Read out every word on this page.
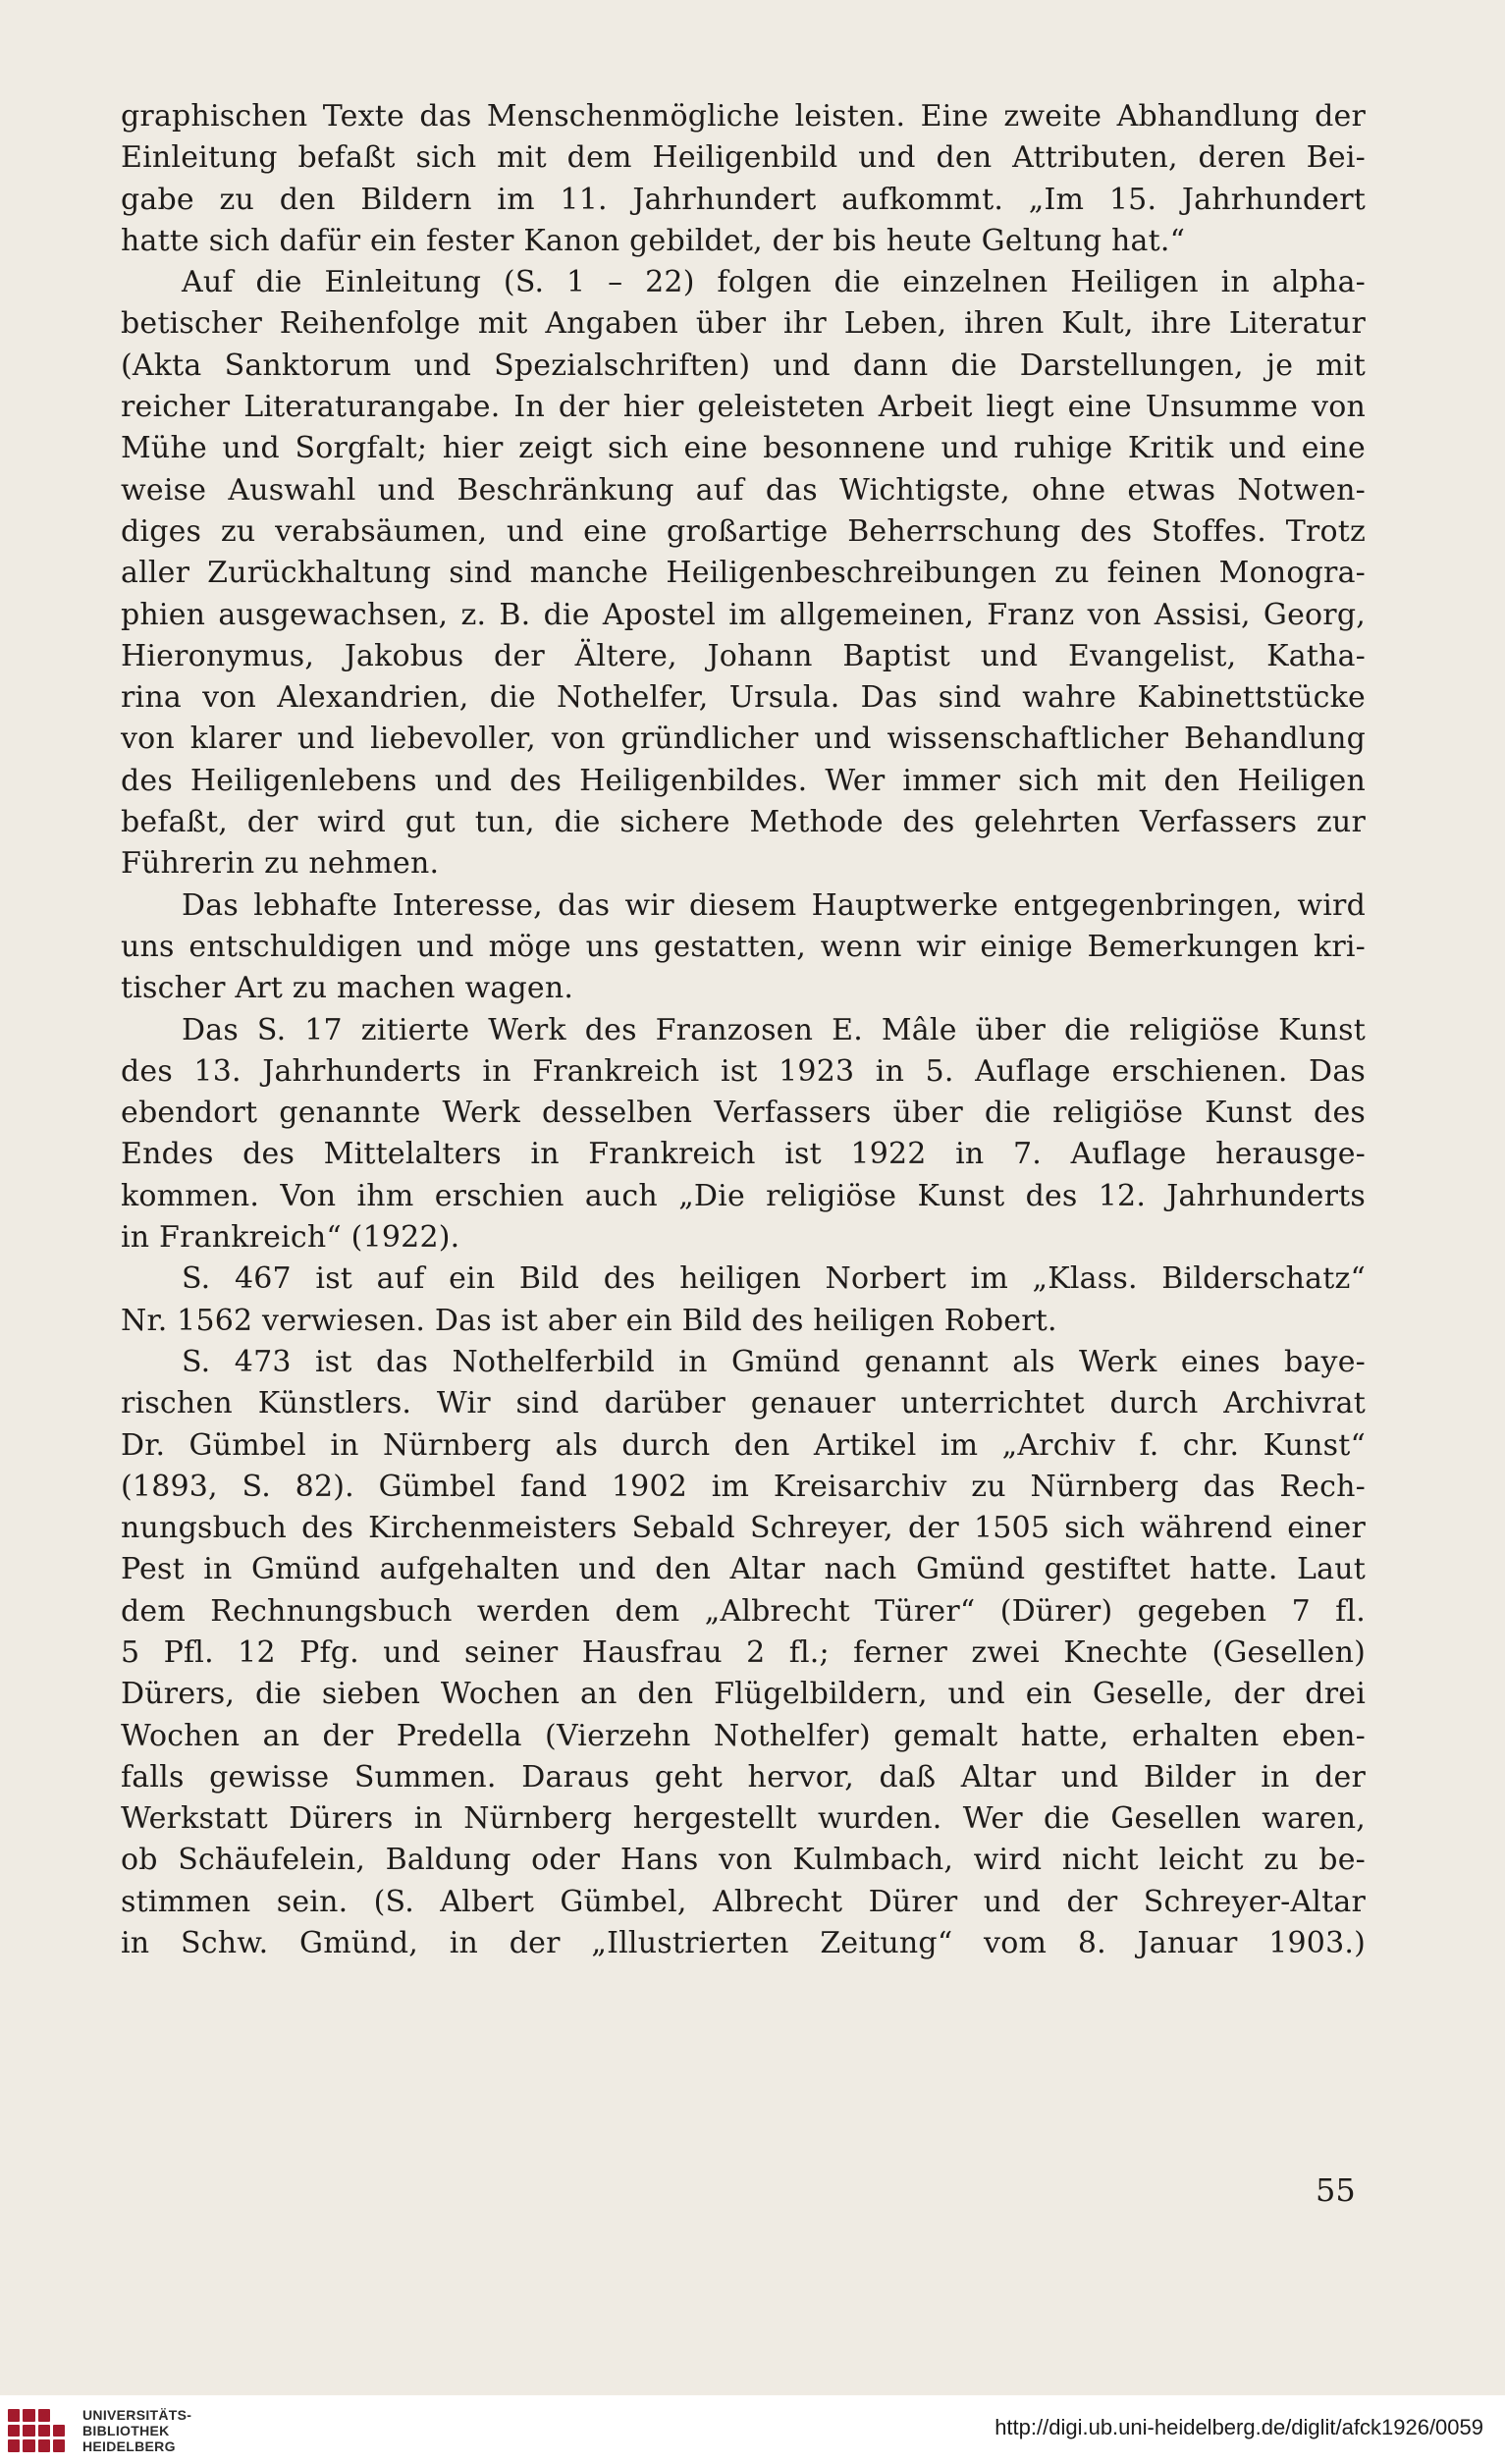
graphischen Texte das Menschenmögliche leisten. Eine zweite Abhandlung der
Einleitung befaßt sich mit dem Heiligenbild und den Attributen, deren Bei-
gabe zu den Bildern im 11. Jahrhundert aufkommt. „Im 15. Jahrhundert
hatte sich dafür ein fester Kanon gebildet, der bis heute Geltung hat.“
Auf die Einleitung (S. 1 – 22) folgen die einzelnen Heiligen in alpha-
betischer Reihenfolge mit Angaben über ihr Leben, ihren Kult, ihre Literatur
(Akta Sanktorum und Spezialschriften) und dann die Darstellungen, je mit
reicher Literaturangabe. In der hier geleisteten Arbeit liegt eine Unsumme von
Mühe und Sorgfalt; hier zeigt sich eine besonnene und ruhige Kritik und eine
weise Auswahl und Beschränkung auf das Wichtigste, ohne etwas Notwen-
diges zu verabsäumen, und eine großartige Beherrschung des Stoffes. Trotz
aller Zurückhaltung sind manche Heiligenbeschreibungen zu feinen Monogra-
phien ausgewachsen, z. B. die Apostel im allgemeinen, Franz von Assisi, Georg,
Hieronymus, Jakobus der Ältere, Johann Baptist und Evangelist, Katha-
rina von Alexandrien, die Nothelfer, Ursula. Das sind wahre Kabinettstücke
von klarer und liebevoller, von gründlicher und wissenschaftlicher Behandlung
des Heiligenlebens und des Heiligenbildes. Wer immer sich mit den Heiligen
befaßt, der wird gut tun, die sichere Methode des gelehrten Verfassers zur
Führerin zu nehmen.
Das lebhafte Interesse, das wir diesem Hauptwerke entgegenbringen, wird
uns entschuldigen und möge uns gestatten, wenn wir einige Bemerkungen kri-
tischer Art zu machen wagen.
Das S. 17 zitierte Werk des Franzosen E. Mâle über die religiöse Kunst
des 13. Jahrhunderts in Frankreich ist 1923 in 5. Auflage erschienen. Das
ebendort genannte Werk desselben Verfassers über die religiöse Kunst des
Endes des Mittelalters in Frankreich ist 1922 in 7. Auflage herausge-
kommen. Von ihm erschien auch „Die religiöse Kunst des 12. Jahrhunderts
in Frankreich“ (1922).
S. 467 ist auf ein Bild des heiligen Norbert im „Klass. Bilderschatz“
Nr. 1562 verwiesen. Das ist aber ein Bild des heiligen Robert.
S. 473 ist das Nothelferbild in Gmünd genannt als Werk eines baye-
rischen Künstlers. Wir sind darüber genauer unterrichtet durch Archivrat
Dr. Gümbel in Nürnberg als durch den Artikel im „Archiv f. chr. Kunst“
(1893, S. 82). Gümbel fand 1902 im Kreisarchiv zu Nürnberg das Rech-
nungsbuch des Kirchenmeisters Sebald Schreyer, der 1505 sich während einer
Pest in Gmünd aufgehalten und den Altar nach Gmünd gestiftet hatte. Laut
dem Rechnungsbuch werden dem „Albrecht Türer“ (Dürer) gegeben 7 fl.
5 Pfl. 12 Pfg. und seiner Hausfrau 2 fl.; ferner zwei Knechte (Gesellen)
Dürers, die sieben Wochen an den Flügelbildern, und ein Geselle, der drei
Wochen an der Predella (Vierzehn Nothelfer) gemalt hatte, erhalten eben-
falls gewisse Summen. Daraus geht hervor, daß Altar und Bilder in der
Werkstatt Dürers in Nürnberg hergestellt wurden. Wer die Gesellen waren,
ob Schäufelein, Baldung oder Hans von Kulmbach, wird nicht leicht zu be-
stimmen sein. (S. Albert Gümbel, Albrecht Dürer und der Schreyer-Altar
in Schw. Gmünd, in der „Illustrierten Zeitung“ vom 8. Januar 1903.)
55
UNIVERSITÄTS-
BIBLIOTHEK
HEIDELBERG
http://digi.ub.uni-heidelberg.de/diglit/afck1926/0059
